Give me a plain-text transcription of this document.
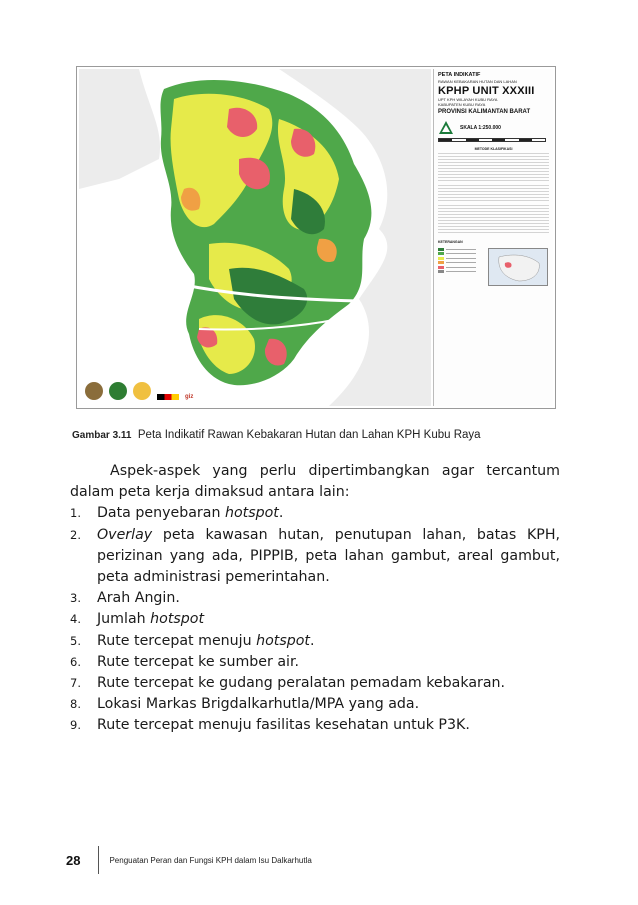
giz
PETA INDIKATIF
RAWAN KEBAKARAN HUTAN DAN LAHAN
KPHP UNIT XXXIII
UPT KPH WILAYAH KUBU RAYA
KABUPATEN KUBU RAYA
PROVINSI KALIMANTAN BARAT
SKALA 1:250.000
METODE KLASIFIKASI
KETERANGAN
Gambar 3.11 Peta Indikatif Rawan Kebakaran Hutan dan Lahan KPH Kubu Raya
Aspek-aspek yang perlu dipertimbangkan agar tercantum dalam peta kerja dimaksud antara lain:
1.	Data penyebaran hotspot.
2.	Overlay peta kawasan hutan, penutupan lahan, batas KPH, perizinan yang ada, PIPPIB, peta lahan gambut, areal gambut, peta administrasi pemerintahan.
3.	Arah Angin.
4.	Jumlah hotspot
5.	Rute tercepat menuju hotspot.
6.	Rute tercepat ke sumber air.
7.	Rute tercepat ke gudang peralatan pemadam kebakaran.
8.	Lokasi Markas Brigdalkarhutla/MPA yang ada.
9.	Rute tercepat menuju fasilitas kesehatan untuk P3K.
28	Penguatan Peran dan Fungsi KPH dalam Isu Dalkarhutla
